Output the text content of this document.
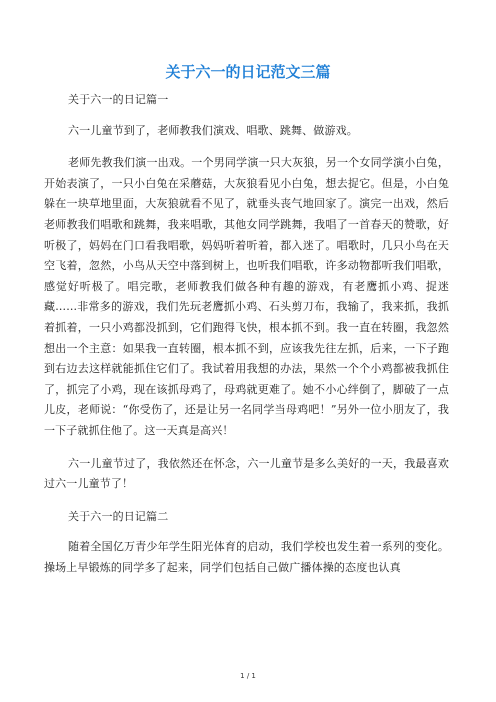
关于六一的日记范文三篇

关于六一的日记篇一

六一儿童节到了，老师教我们演戏、唱歌、跳舞、做游戏。

老师先教我们演一出戏。一个男同学演一只大灰狼，另一个女同学演小白兔，开始表演了，一只小白兔在采蘑菇，大灰狼看见小白兔，想去捉它。但是，小白兔躲在一块草地里面，大灰狼就看不见了，就垂头丧气地回家了。演完一出戏，然后老师教我们唱歌和跳舞，我来唱歌，其他女同学跳舞，我唱了一首春天的赞歌，好听极了，妈妈在门口看我唱歌，妈妈听着听着，都入迷了。唱歌时，几只小鸟在天空飞着，忽然，小鸟从天空中落到树上，也听我们唱歌，许多动物都听我们唱歌，感觉好听极了。唱完歌，老师教我们做各种有趣的游戏，有老鹰抓小鸡、捉迷藏......非常多的游戏，我们先玩老鹰抓小鸡、石头剪刀布，我输了，我来抓，我抓着抓着，一只小鸡都没抓到，它们跑得飞快，根本抓不到。我一直在转圈，我忽然想出一个主意：如果我一直转圈，根本抓不到，应该我先往左抓，后来，一下子跑到右边去这样就能抓住它们了。我试着用我想的办法，果然一个个小鸡都被我抓住了，抓完了小鸡，现在该抓母鸡了，母鸡就更难了。她不小心绊倒了，脚破了一点儿皮，老师说：“你受伤了，还是让另一名同学当母鸡吧！”另外一位小朋友了，我一下子就抓住他了。这一天真是高兴！

六一儿童节过了，我依然还在怀念，六一儿童节是多么美好的一天，我最喜欢过六一儿童节了！

关于六一的日记篇二

随着全国亿万青少年学生阳光体育的启动，我们学校也发生着一系列的变化。操场上早锻炼的同学多了起来，同学们包括自己做广播体操的态度也认真

1 / 1
